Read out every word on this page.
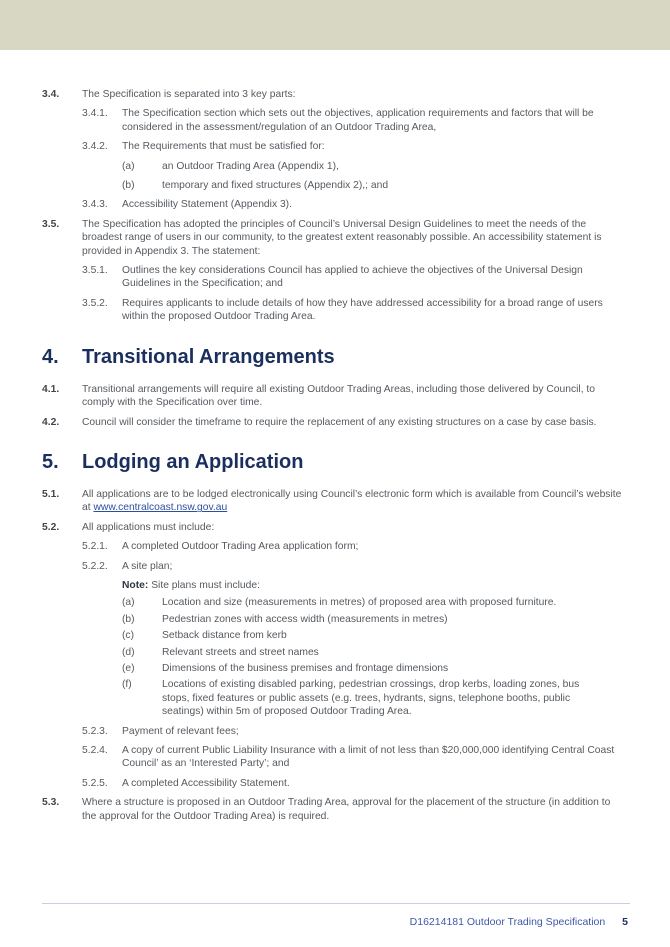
3.4.	The Specification is separated into 3 key parts:
3.4.1.	The Specification section which sets out the objectives, application requirements and factors that will be considered in the assessment/regulation of an Outdoor Trading Area,
3.4.2.	The Requirements that must be satisfied for:
(a)	an Outdoor Trading Area (Appendix 1),
(b)	temporary and fixed structures (Appendix 2),; and
3.4.3.	Accessibility Statement (Appendix 3).
3.5.	The Specification has adopted the principles of Council’s Universal Design Guidelines to meet the needs of the broadest range of users in our community, to the greatest extent reasonably possible. An accessibility statement is provided in Appendix 3. The statement:
3.5.1.	Outlines the key considerations Council has applied to achieve the objectives of the Universal Design Guidelines in the Specification; and
3.5.2.	Requires applicants to include details of how they have addressed accessibility for a broad range of users within the proposed Outdoor Trading Area.
4.	Transitional Arrangements
4.1.	Transitional arrangements will require all existing Outdoor Trading Areas, including those delivered by Council, to comply with the Specification over time.
4.2.	Council will consider the timeframe to require the replacement of any existing structures on a case by case basis.
5.	Lodging an Application
5.1.	All applications are to be lodged electronically using Council’s electronic form which is available from Council’s website at www.centralcoast.nsw.gov.au
5.2.	All applications must include:
5.2.1.	A completed Outdoor Trading Area application form;
5.2.2.	A site plan;
Note: Site plans must include:
(a)	Location and size (measurements in metres) of proposed area with proposed furniture.
(b)	Pedestrian zones with access width (measurements in metres)
(c)	Setback distance from kerb
(d)	Relevant streets and street names
(e)	Dimensions of the business premises and frontage dimensions
(f)	Locations of existing disabled parking, pedestrian crossings, drop kerbs, loading zones, bus stops, fixed features or public assets (e.g. trees, hydrants, signs, telephone booths, public seatings) within 5m of proposed Outdoor Trading Area.
5.2.3.	Payment of relevant fees;
5.2.4.	A copy of current Public Liability Insurance with a limit of not less than $20,000,000 identifying Central Coast Council’ as an ‘Interested Party’; and
5.2.5.	A completed Accessibility Statement.
5.3.	Where a structure is proposed in an Outdoor Trading Area, approval for the placement of the structure (in addition to the approval for the Outdoor Trading Area) is required.
D16214181 Outdoor Trading Specification 5
